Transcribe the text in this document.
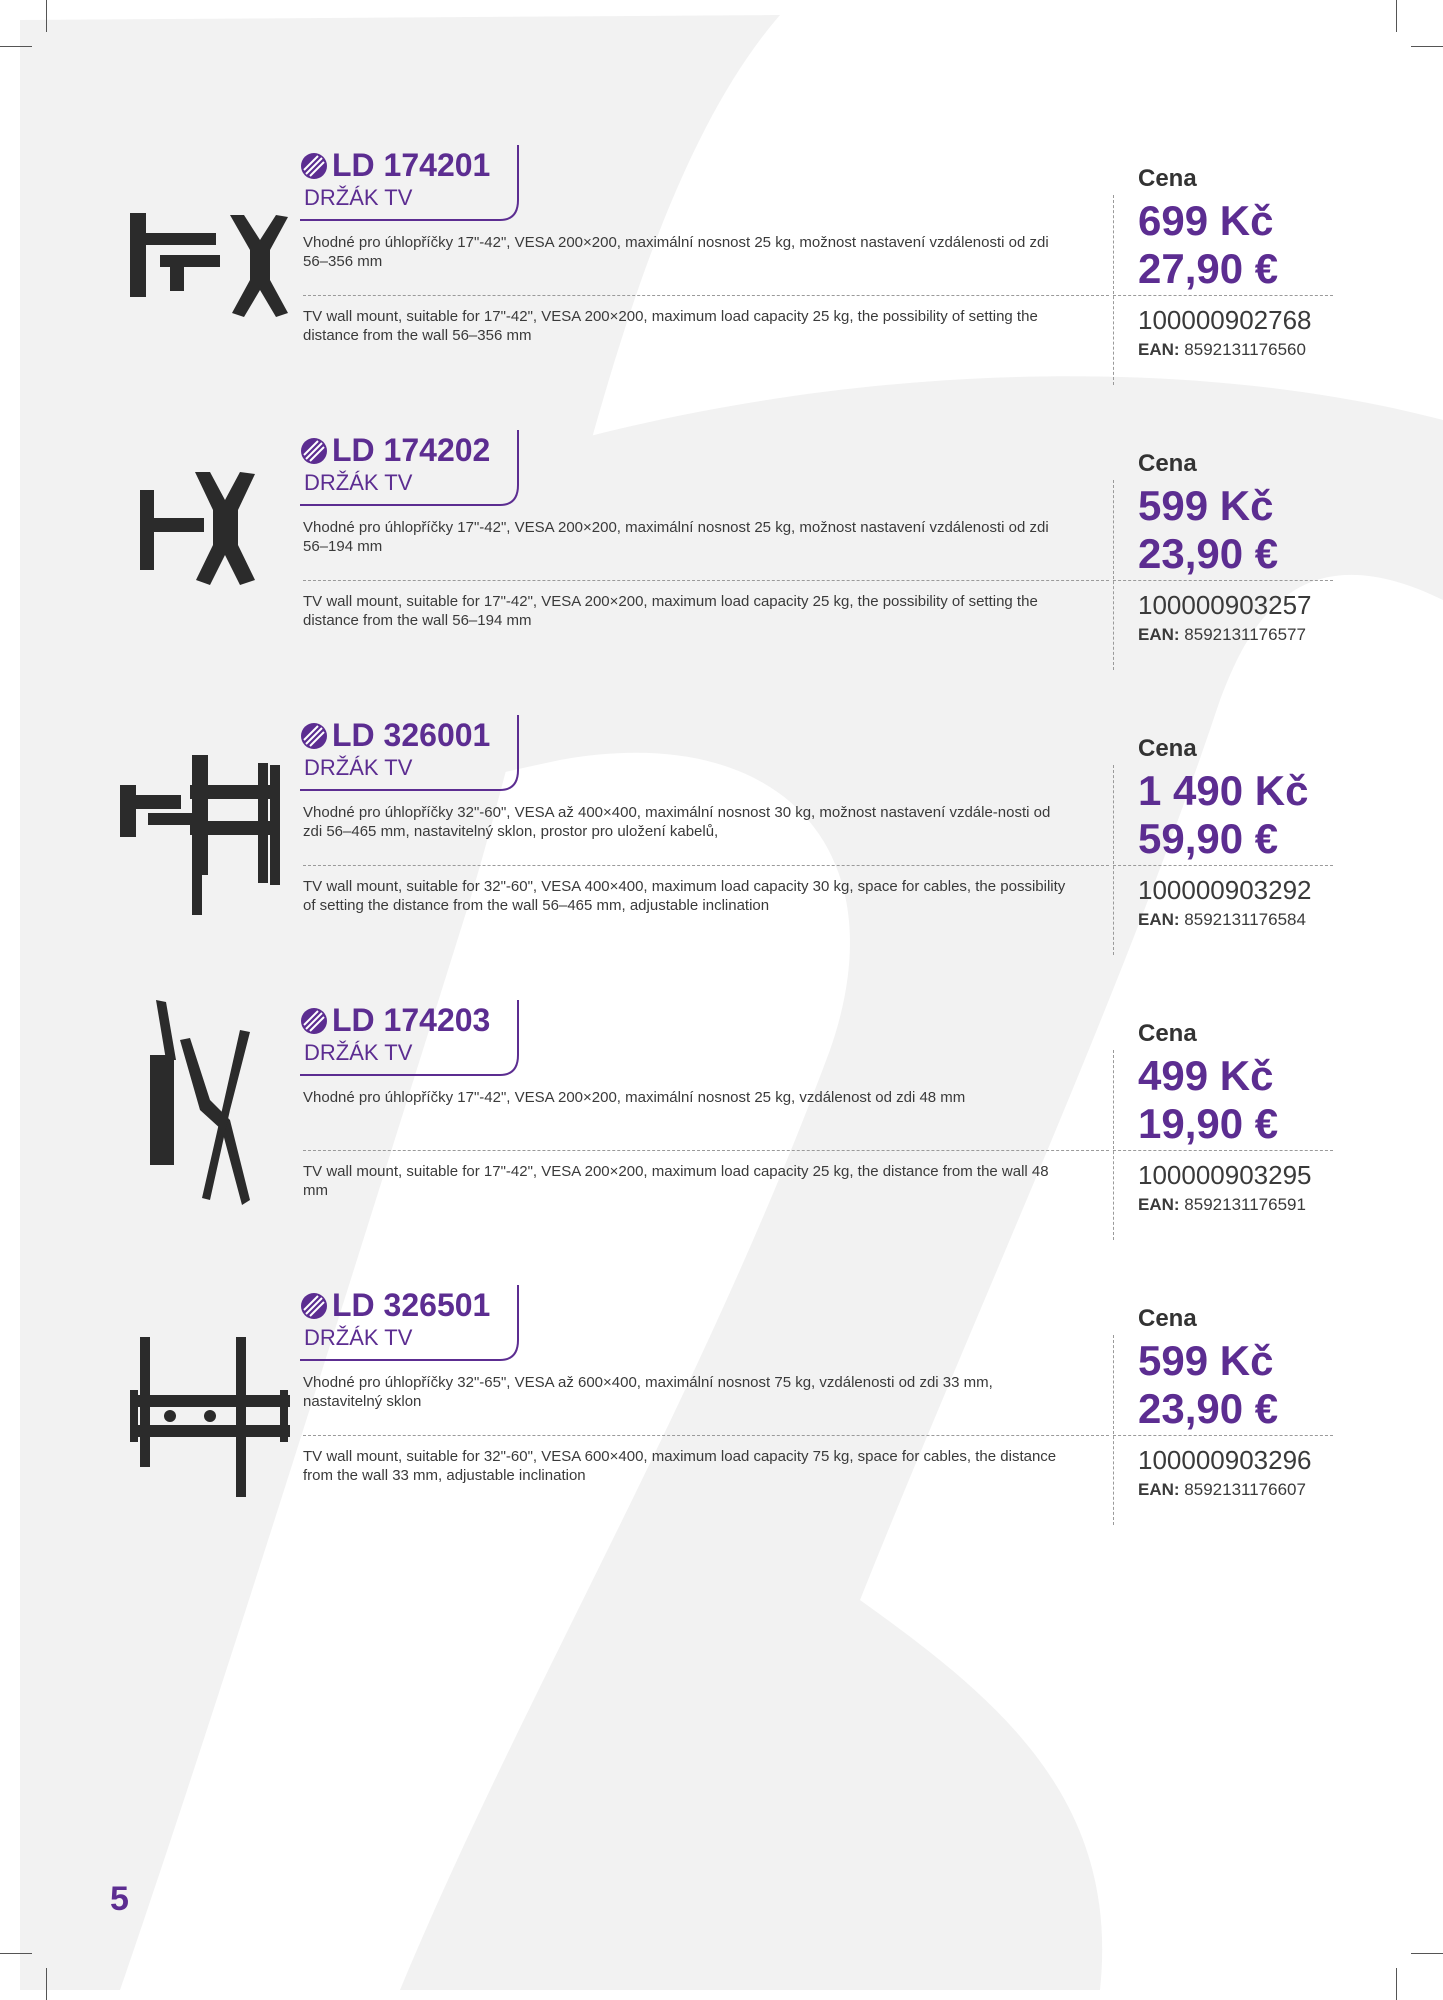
LD 174201
DRŽÁK TV
Vhodné pro úhlopříčky 17"-42", VESA 200×200, maximální nosnost 25 kg, možnost nastavení vzdálenosti od zdi 56–356 mm
TV wall mount, suitable for 17"-42", VESA 200×200, maximum load capacity 25 kg, the possibility of setting the distance from the wall 56–356 mm
Cena
699 Kč
27,90 €
100000902768
EAN: 8592131176560
LD 174202
DRŽÁK TV
Vhodné pro úhlopříčky 17"-42", VESA 200×200, maximální nosnost 25 kg, možnost nastavení vzdálenosti od zdi 56–194 mm
TV wall mount, suitable for 17"-42", VESA 200×200, maximum load capacity 25 kg, the possibility of setting the distance from the wall 56–194 mm
Cena
599 Kč
23,90 €
100000903257
EAN: 8592131176577
LD 326001
DRŽÁK TV
Vhodné pro úhlopříčky 32"-60", VESA až 400×400, maximální nosnost 30 kg, možnost nastavení vzdále-nosti od zdi 56–465 mm, nastavitelný sklon, prostor pro uložení kabelů,
TV wall mount, suitable for 32"-60", VESA 400×400, maximum load capacity 30 kg, space for cables, the possibility of setting the distance from the wall 56–465 mm, adjustable inclination
Cena
1 490 Kč
59,90 €
100000903292
EAN: 8592131176584
LD 174203
DRŽÁK TV
Vhodné pro úhlopříčky 17"-42", VESA 200×200, maximální nosnost 25 kg, vzdálenost od zdi 48 mm
TV wall mount, suitable for 17"-42", VESA 200×200, maximum load capacity 25 kg, the distance from the wall 48 mm
Cena
499 Kč
19,90 €
100000903295
EAN: 8592131176591
LD 326501
DRŽÁK TV
Vhodné pro úhlopříčky 32"-65", VESA až 600×400, maximální nosnost 75 kg, vzdálenosti od zdi 33 mm, nastavitelný sklon
TV wall mount, suitable for 32"-60", VESA 600×400, maximum load capacity 75 kg, space for cables, the distance from the wall 33 mm, adjustable inclination
Cena
599 Kč
23,90 €
100000903296
EAN: 8592131176607
5
